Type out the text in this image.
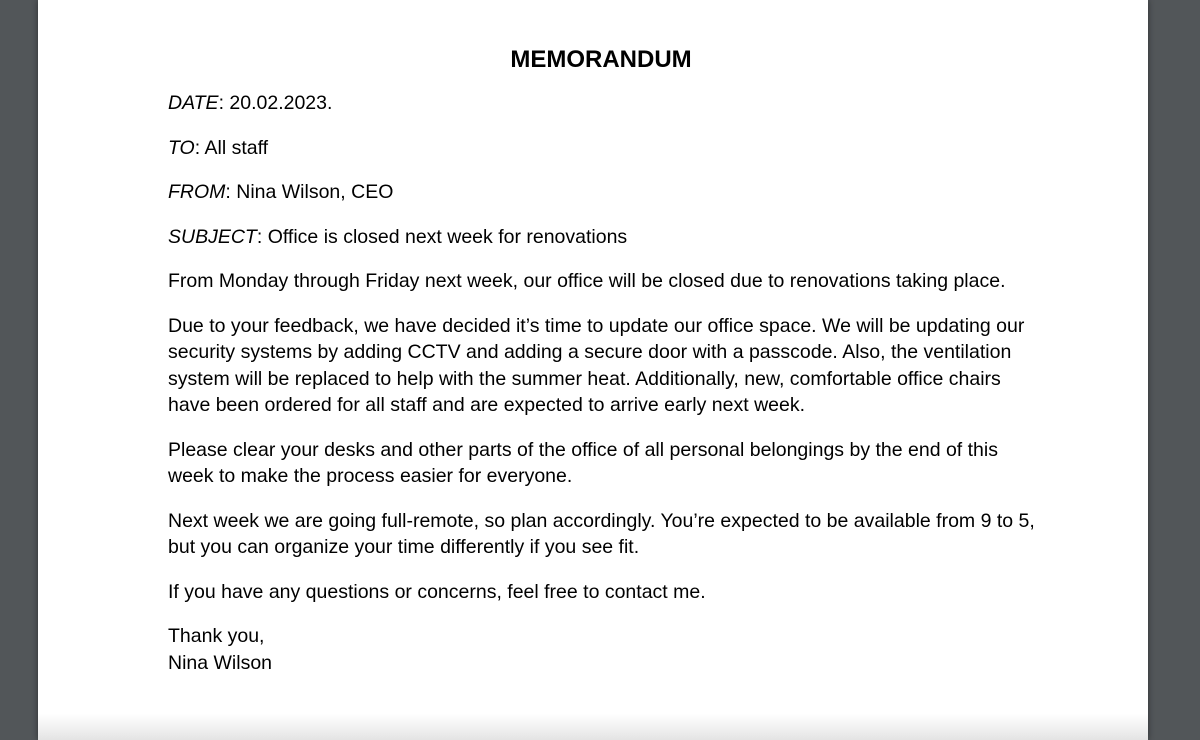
MEMORANDUM
DATE: 20.02.2023.
TO: All staff
FROM: Nina Wilson, CEO
SUBJECT: Office is closed next week for renovations

From Monday through Friday next week, our office will be closed due to renovations taking place.

Due to your feedback, we have decided it’s time to update our office space. We will be updating our security systems by adding CCTV and adding a secure door with a passcode. Also, the ventilation system will be replaced to help with the summer heat. Additionally, new, comfortable office chairs have been ordered for all staff and are expected to arrive early next week.

Please clear your desks and other parts of the office of all personal belongings by the end of this week to make the process easier for everyone.

Next week we are going full-remote, so plan accordingly. You’re expected to be available from 9 to 5, but you can organize your time differently if you see fit.

If you have any questions or concerns, feel free to contact me.

Thank you,
Nina Wilson
